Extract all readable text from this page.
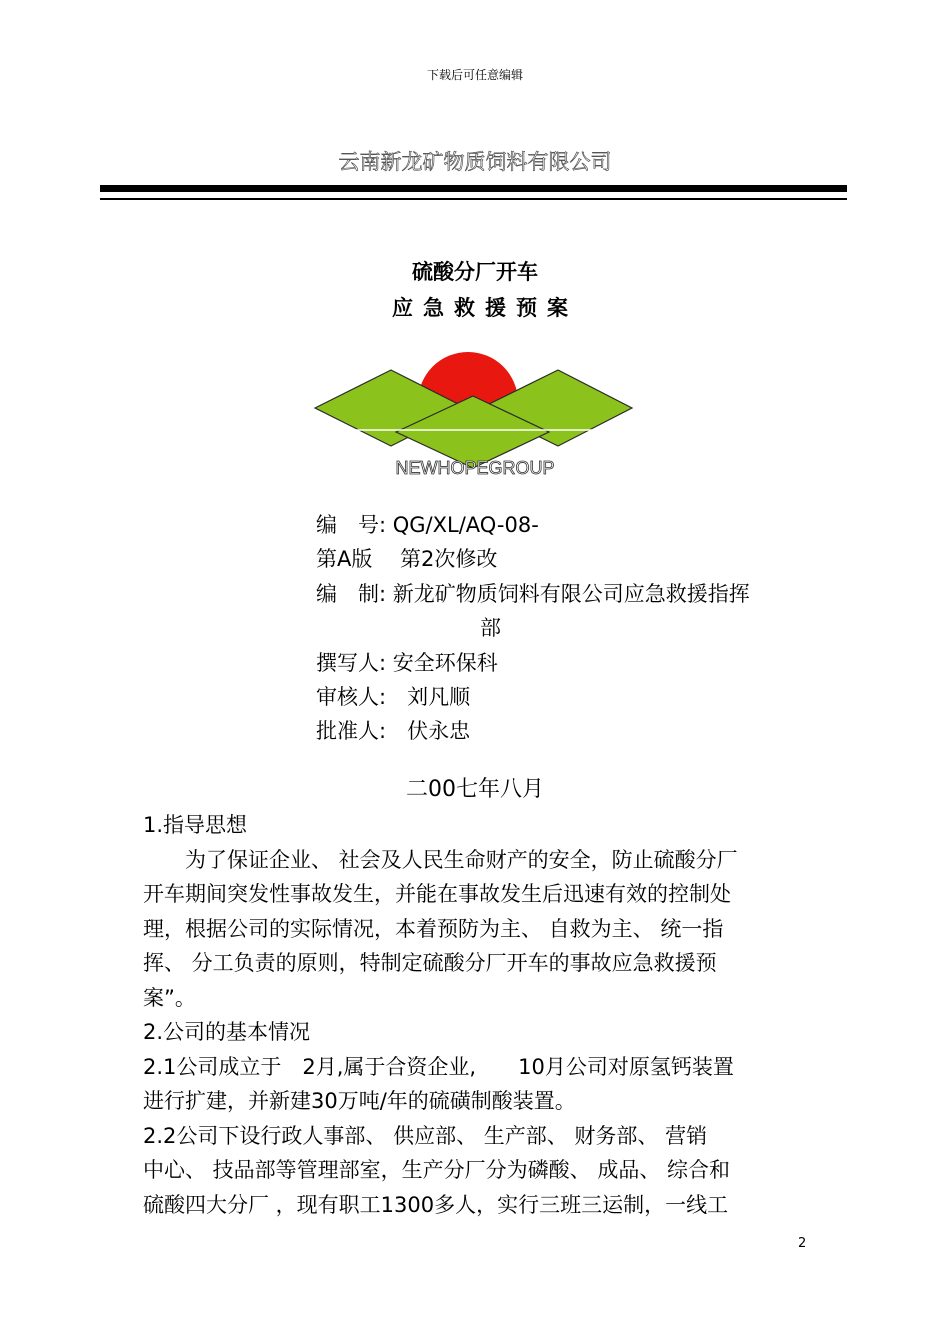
下载后可任意编辑
云南新龙矿物质饲料有限公司
硫酸分厂开车
应急救援预案
NEWHOPEGROUP
编　号: QG/XL/AQ-08-
第A版　 第2次修改
编　制: 新龙矿物质饲料有限公司应急救援指挥
部
撰写人: 安全环保科
审核人:　刘凡顺
批准人:　伏永忠
二00七年八月
1.指导思想
　　为了保证企业、 社会及人民生命财产的安全，防止硫酸分厂
开车期间突发性事故发生，并能在事故发生后迅速有效的控制处
理，根据公司的实际情况，本着预防为主、 自救为主、 统一指
挥、 分工负责的原则，特制定硫酸分厂开车的事故应急救援预
案”。
2.公司的基本情况
2.1公司成立于　2月,属于合资企业,　　10月公司对原氢钙装置
进行扩建，并新建30万吨/年的硫磺制酸装置。
2.2公司下设行政人事部、 供应部、 生产部、 财务部、 营销
中心、 技品部等管理部室，生产分厂分为磷酸、 成品、 综合和
硫酸四大分厂 ，现有职工1300多人，实行三班三运制，一线工
2
